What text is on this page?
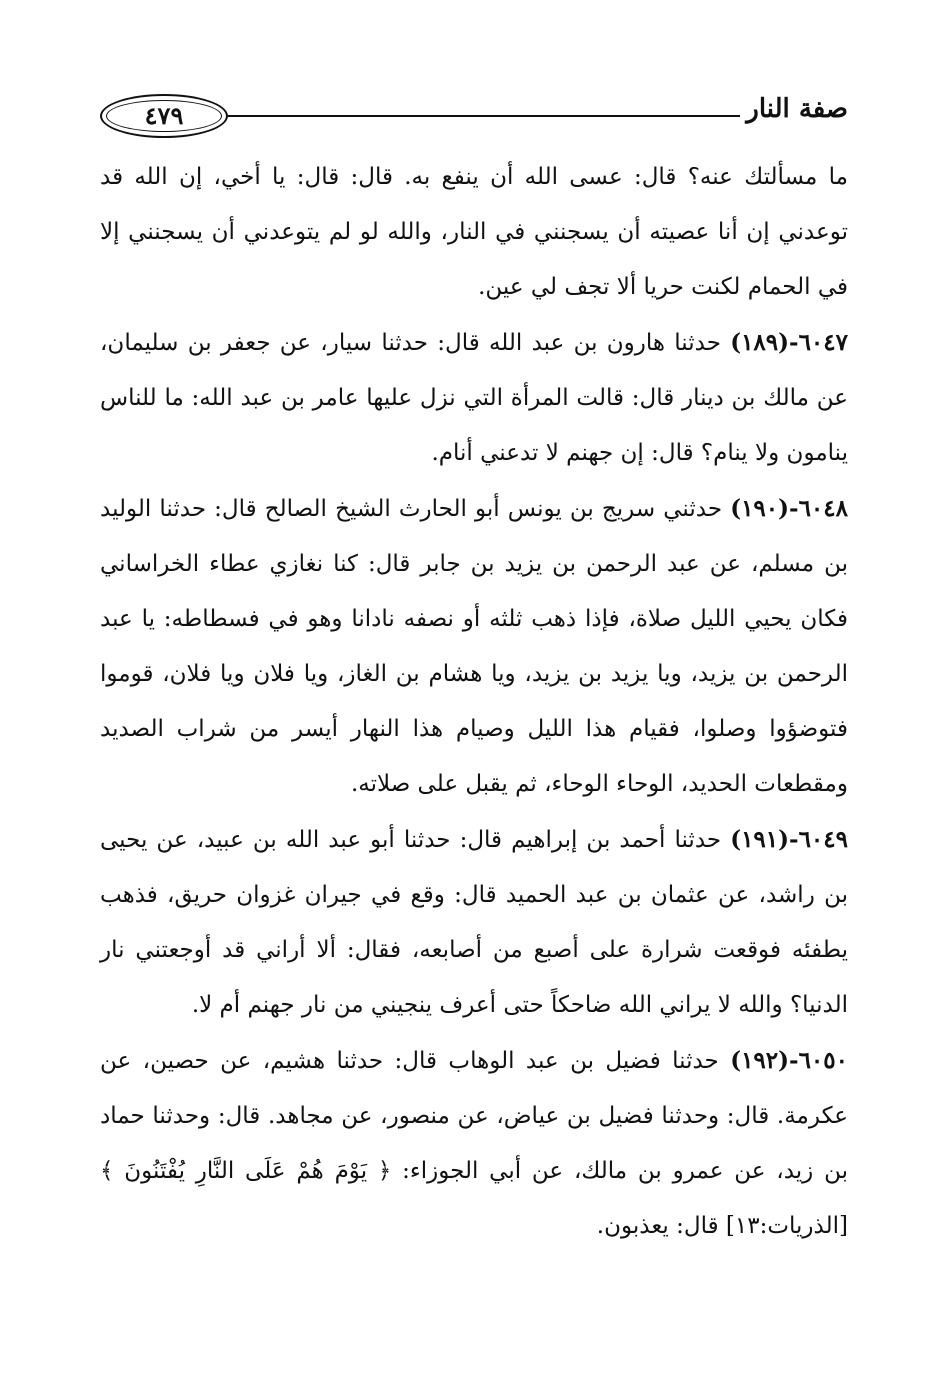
٤٧٩	صفة النار

ما مسألتك عنه؟ قال: عسى الله أن ينفع به. قال: قال: يا أخي، إن الله قد توعدني إن أنا عصيته أن يسجنني في النار، والله لو لم يتوعدني أن يسجنني إلا في الحمام لكنت حريا ألا تجف لي عين.

٦٠٤٧-(١٨٩) حدثنا هارون بن عبد الله قال: حدثنا سيار، عن جعفر بن سليمان، عن مالك بن دينار قال: قالت المرأة التي نزل عليها عامر بن عبد الله: ما للناس ينامون ولا ينام؟ قال: إن جهنم لا تدعني أنام.

٦٠٤٨-(١٩٠) حدثني سريج بن يونس أبو الحارث الشيخ الصالح قال: حدثنا الوليد بن مسلم، عن عبد الرحمن بن يزيد بن جابر قال: كنا نغازي عطاء الخراساني فكان يحيي الليل صلاة، فإذا ذهب ثلثه أو نصفه نادانا وهو في فسطاطه: يا عبد الرحمن بن يزيد، ويا يزيد بن يزيد، ويا هشام بن الغاز، ويا فلان ويا فلان، قوموا فتوضؤوا وصلوا، فقيام هذا الليل وصيام هذا النهار أيسر من شراب الصديد ومقطعات الحديد، الوحاء الوحاء، ثم يقبل على صلاته.

٦٠٤٩-(١٩١) حدثنا أحمد بن إبراهيم قال: حدثنا أبو عبد الله بن عبيد، عن يحيى بن راشد، عن عثمان بن عبد الحميد قال: وقع في جيران غزوان حريق، فذهب يطفئه فوقعت شرارة على أصبع من أصابعه، فقال: ألا أراني قد أوجعتني نار الدنيا؟ والله لا يراني الله ضاحكاً حتى أعرف ينجيني من نار جهنم أم لا.

٦٠٥٠-(١٩٢) حدثنا فضيل بن عبد الوهاب قال: حدثنا هشيم، عن حصين، عن عكرمة. قال: وحدثنا فضيل بن عياض، عن منصور، عن مجاهد. قال: وحدثنا حماد بن زيد، عن عمرو بن مالك، عن أبي الجوزاء: ﴿ يَوْمَ هُمْ عَلَى النَّارِ يُفْتَنُونَ ﴾ [الذريات:١٣] قال: يعذبون.
